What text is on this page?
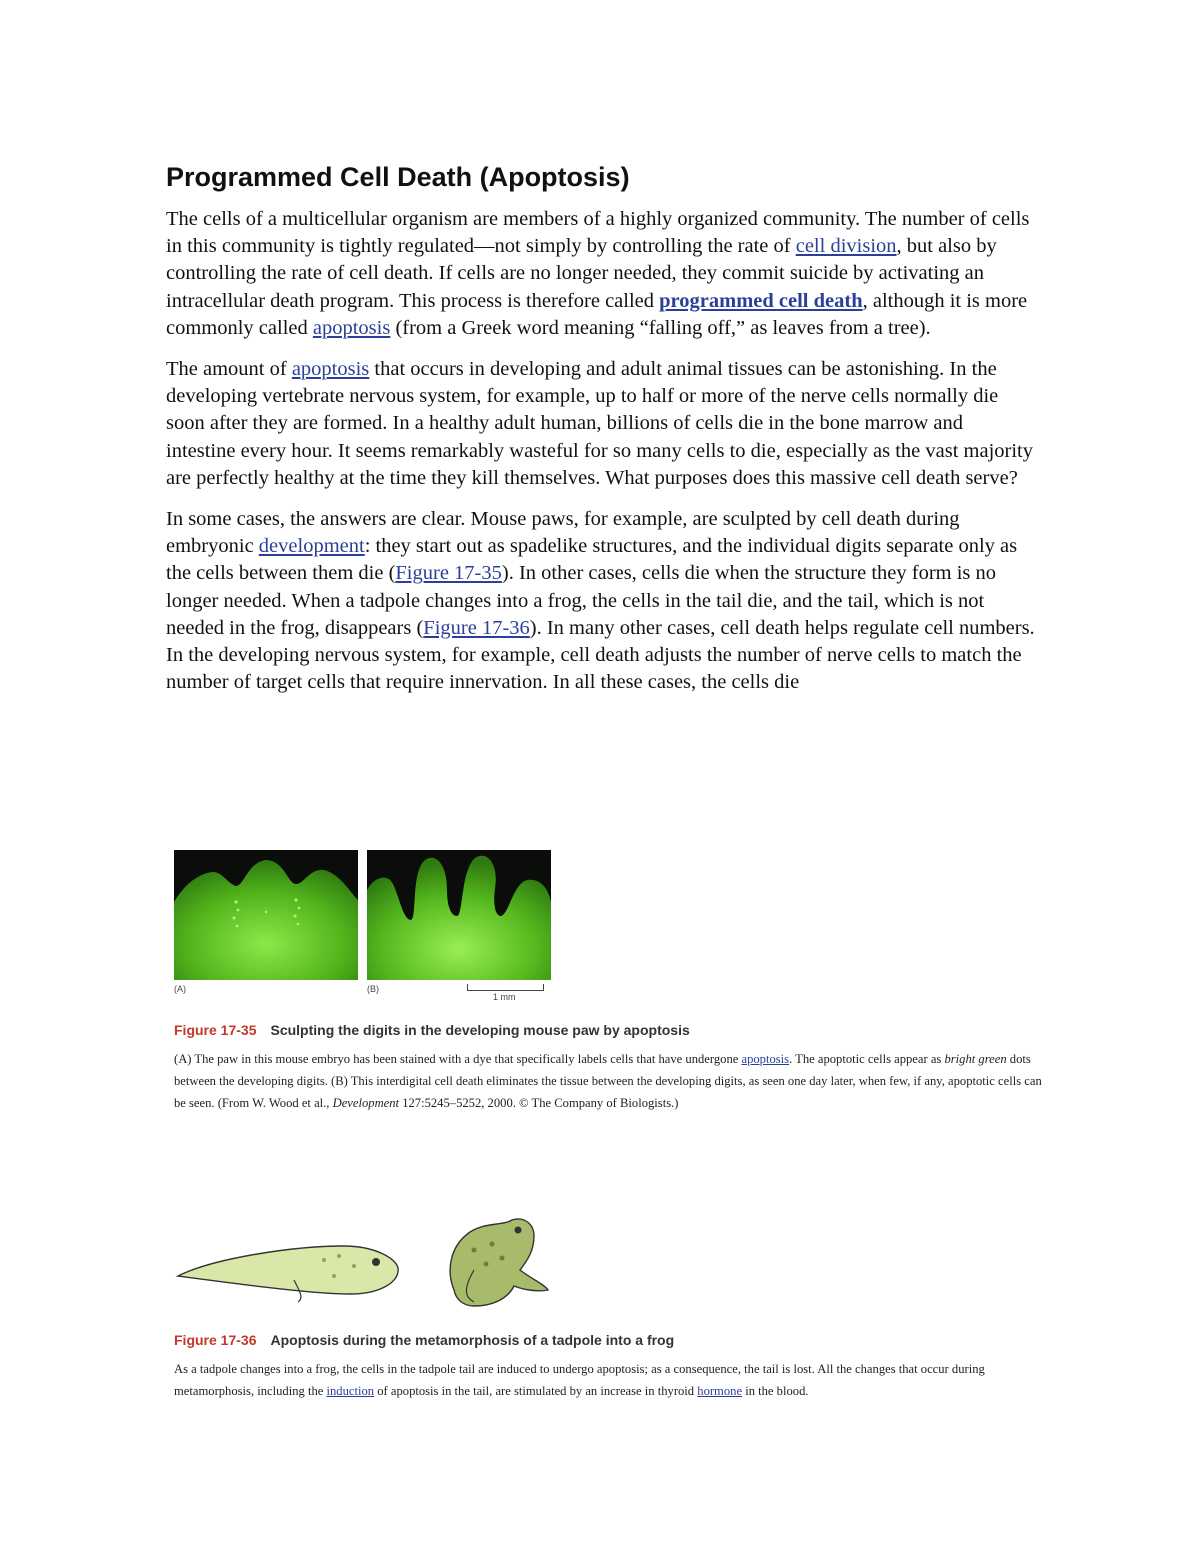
Programmed Cell Death (Apoptosis)

The cells of a multicellular organism are members of a highly organized community. The number of cells in this community is tightly regulated—not simply by controlling the rate of cell division, but also by controlling the rate of cell death. If cells are no longer needed, they commit suicide by activating an intracellular death program. This process is therefore called programmed cell death, although it is more commonly called apoptosis (from a Greek word meaning “falling off,” as leaves from a tree).

The amount of apoptosis that occurs in developing and adult animal tissues can be astonishing. In the developing vertebrate nervous system, for example, up to half or more of the nerve cells normally die soon after they are formed. In a healthy adult human, billions of cells die in the bone marrow and intestine every hour. It seems remarkably wasteful for so many cells to die, especially as the vast majority are perfectly healthy at the time they kill themselves. What purposes does this massive cell death serve?

In some cases, the answers are clear. Mouse paws, for example, are sculpted by cell death during embryonic development: they start out as spadelike structures, and the individual digits separate only as the cells between them die (Figure 17-35). In other cases, cells die when the structure they form is no longer needed. When a tadpole changes into a frog, the cells in the tail die, and the tail, which is not needed in the frog, disappears (Figure 17-36). In many other cases, cell death helps regulate cell numbers. In the developing nervous system, for example, cell death adjusts the number of nerve cells to match the number of target cells that require innervation. In all these cases, the cells die

(A)	(B)
1 mm
Figure 17-35 Sculpting the digits in the developing mouse paw by apoptosis
(A) The paw in this mouse embryo has been stained with a dye that specifically labels cells that have undergone apoptosis. The apoptotic cells appear as bright green dots between the developing digits. (B) This interdigital cell death eliminates the tissue between the developing digits, as seen one day later, when few, if any, apoptotic cells can be seen. (From W. Wood et al., Development 127:5245–5252, 2000. © The Company of Biologists.)
Figure 17-36 Apoptosis during the metamorphosis of a tadpole into a frog
As a tadpole changes into a frog, the cells in the tadpole tail are induced to undergo apoptosis; as a consequence, the tail is lost. All the changes that occur during metamorphosis, including the induction of apoptosis in the tail, are stimulated by an increase in thyroid hormone in the blood.
